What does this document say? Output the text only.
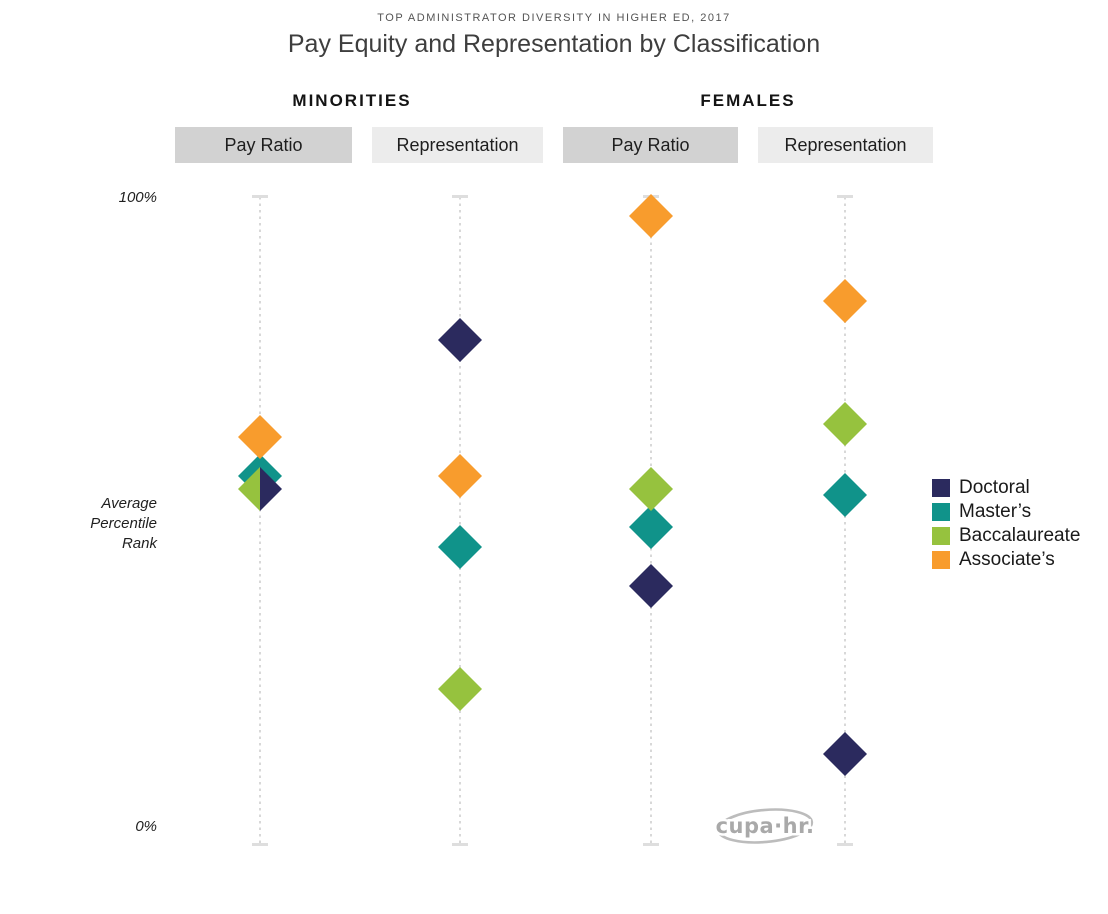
TOP ADMINISTRATOR DIVERSITY IN HIGHER ED, 2017
Pay Equity and Representation by Classification
MINORITIES	FEMALES
Pay Ratio	Representation	Pay Ratio	Representation
100%
Average
Percentile
Rank
0%
Doctoral
Master’s
Baccalaureate
Associate’s
cupa·hr.
